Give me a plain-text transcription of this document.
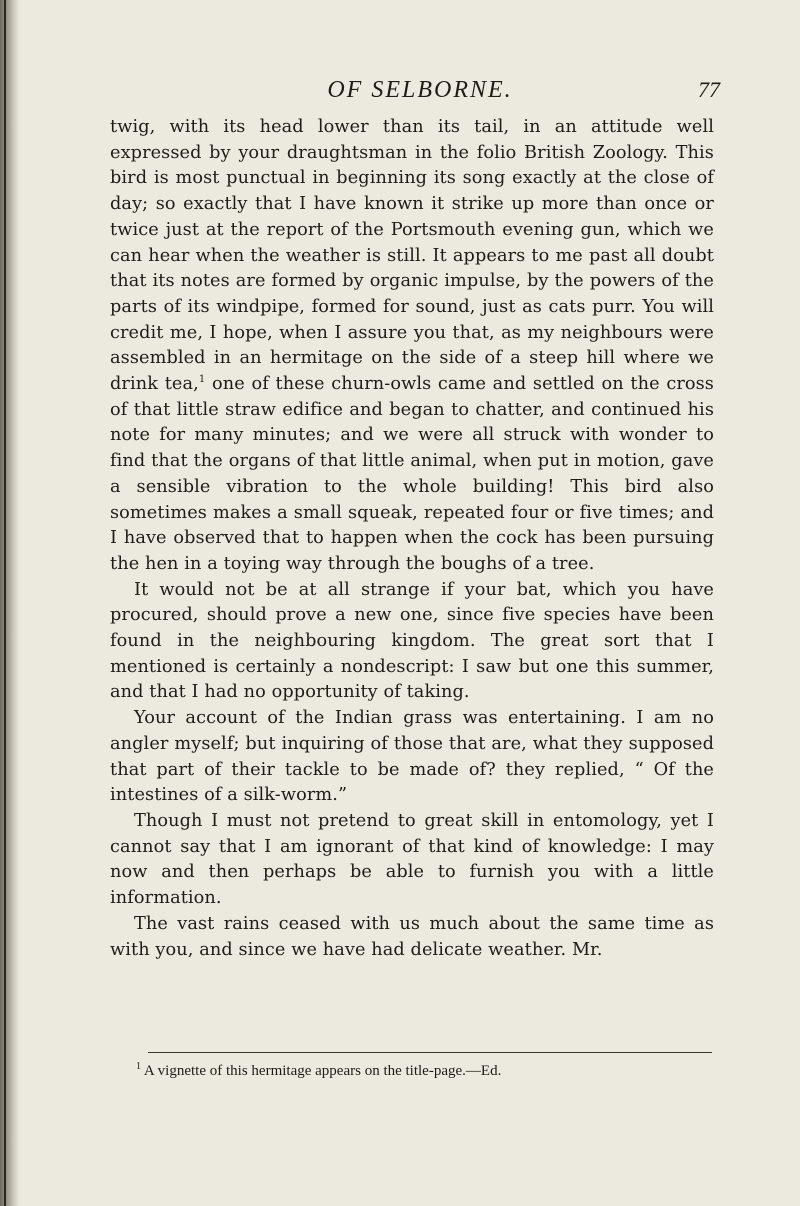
OF SELBORNE.	77

twig, with its head lower than its tail, in an attitude well expressed by your draughtsman in the folio British Zoology. This bird is most punctual in beginning its song exactly at the close of day; so exactly that I have known it strike up more than once or twice just at the report of the Portsmouth evening gun, which we can hear when the weather is still. It appears to me past all doubt that its notes are formed by organic impulse, by the powers of the parts of its windpipe, formed for sound, just as cats purr. You will credit me, I hope, when I assure you that, as my neighbours were assembled in an hermitage on the side of a steep hill where we drink tea,$^1$ one of these churn-owls came and settled on the cross of that little straw edifice and began to chatter, and continued his note for many minutes; and we were all struck with wonder to find that the organs of that little animal, when put in motion, gave a sensible vibration to the whole building! This bird also sometimes makes a small squeak, repeated four or five times; and I have observed that to happen when the cock has been pursuing the hen in a toying way through the boughs of a tree.

It would not be at all strange if your bat, which you have procured, should prove a new one, since five species have been found in the neighbouring kingdom. The great sort that I mentioned is certainly a nondescript: I saw but one this summer, and that I had no opportunity of taking.

Your account of the Indian grass was entertaining. I am no angler myself; but inquiring of those that are, what they supposed that part of their tackle to be made of? they replied, “ Of the intestines of a silk-worm.”

Though I must not pretend to great skill in entomology, yet I cannot say that I am ignorant of that kind of knowledge: I may now and then perhaps be able to furnish you with a little information.

The vast rains ceased with us much about the same time as with you, and since we have had delicate weather. Mr.

$^1$ A vignette of this hermitage appears on the title-page.—Ed.
